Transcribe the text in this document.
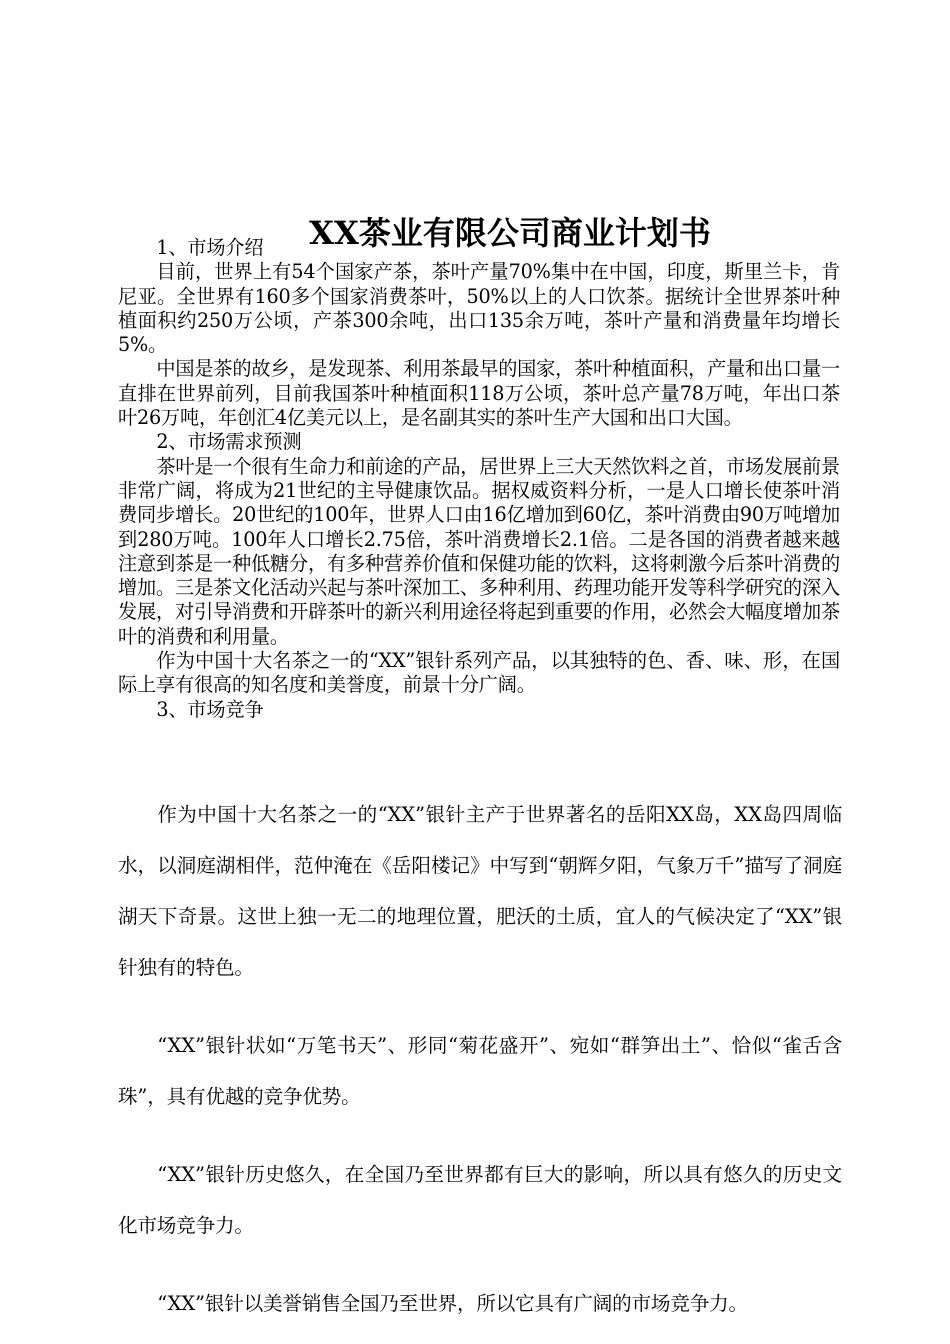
XX茶业有限公司商业计划书

1、市场介绍

目前，世界上有54个国家产茶，茶叶产量70%集中在中国，印度，斯里兰卡，肯尼亚。全世界有160多个国家消费茶叶，50%以上的人口饮茶。据统计全世界茶叶种植面积约250万公顷，产茶300余吨，出口135余万吨，茶叶产量和消费量年均增长5%。

中国是茶的故乡，是发现茶、利用茶最早的国家，茶叶种植面积，产量和出口量一直排在世界前列，目前我国茶叶种植面积118万公顷，茶叶总产量78万吨，年出口茶叶26万吨，年创汇4亿美元以上，是名副其实的茶叶生产大国和出口大国。

2、市场需求预测

茶叶是一个很有生命力和前途的产品，居世界上三大天然饮料之首，市场发展前景非常广阔，将成为21世纪的主导健康饮品。据权威资料分析，一是人口增长使茶叶消费同步增长。20世纪的100年，世界人口由16亿增加到60亿，茶叶消费由90万吨增加到280万吨。100年人口增长2.75倍，茶叶消费增长2.1倍。二是各国的消费者越来越注意到茶是一种低糖分，有多种营养价值和保健功能的饮料，这将刺激今后茶叶消费的增加。三是茶文化活动兴起与茶叶深加工、多种利用、药理功能开发等科学研究的深入发展，对引导消费和开辟茶叶的新兴利用途径将起到重要的作用，必然会大幅度增加茶叶的消费和利用量。

作为中国十大名茶之一的“XX”银针系列产品，以其独特的色、香、味、形，在国际上享有很高的知名度和美誉度，前景十分广阔。

3、市场竞争

作为中国十大名茶之一的“XX”银针主产于世界著名的岳阳XX岛，XX岛四周临水，以洞庭湖相伴，范仲淹在《岳阳楼记》中写到“朝辉夕阳，气象万千”描写了洞庭湖天下奇景。这世上独一无二的地理位置，肥沃的土质，宜人的气候决定了“XX”银针独有的特色。

“XX”银针状如“万笔书天”、形同“菊花盛开”、宛如“群笋出土”、恰似“雀舌含珠”，具有优越的竞争优势。

“XX”银针历史悠久，在全国乃至世界都有巨大的影响，所以具有悠久的历史文化市场竞争力。

“XX”银针以美誉销售全国乃至世界，所以它具有广阔的市场竞争力。
